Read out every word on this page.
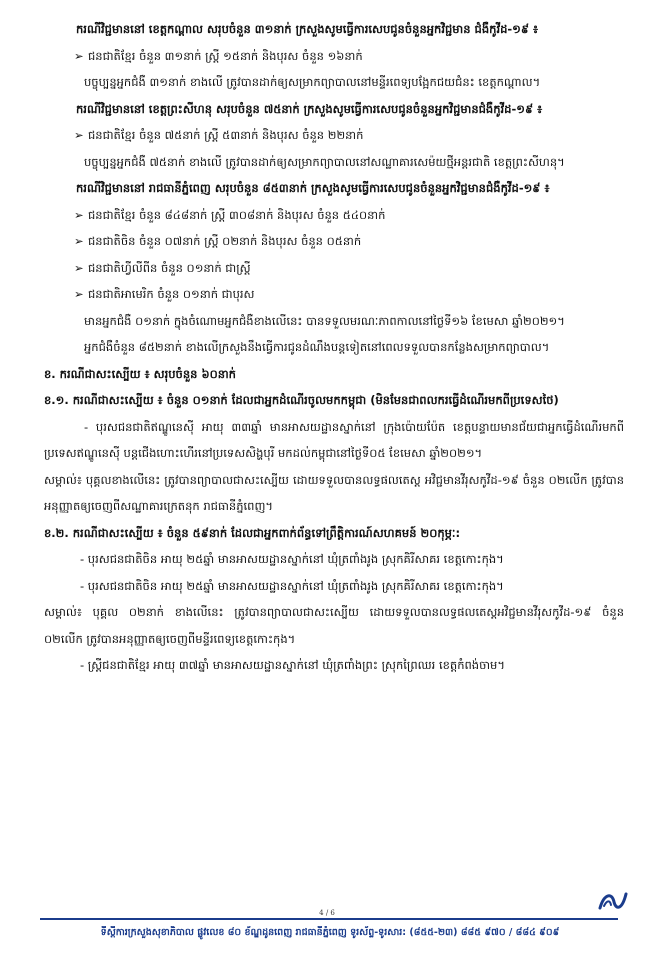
ករណីវិជ្ជមាននៅ ខេត្តកណ្ដាល សរុបចំនួន ៣១នាក់ ក្រសួងសូមធ្វើការសេបជូនចំនួនអ្នកវិជ្ជមាន ជំងឺកូវីដ-១៩ ៖

➢ ជនជាតិខ្មែរ ចំនួន ៣១នាក់ ស្ត្រី ១៥នាក់ និងបុរស ចំនួន ១៦នាក់

បច្ចុប្បន្នអ្នកជំងឺ ៣១នាក់ ខាងលើ ត្រូវបានដាក់ឲ្យសម្រាកព្យាបាលនៅមន្ទីរពេទ្យបង្អែកជយជំនះ ខេត្តកណ្តាល។

ករណីវិជ្ជមាននៅ ខេត្តព្រះសីហនុ សរុបចំនួន ៧៥នាក់ ក្រសួងសូមធ្វើការសេបជូនចំនួនអ្នកវិជ្ជមានជំងឺកូវីដ-១៩ ៖

➢ ជនជាតិខ្មែរ ចំនួន ៧៥នាក់ ស្ត្រី ៥៣នាក់ និងបុរស ចំនួន ២២នាក់

បច្ចុប្បន្នអ្នកជំងឺ ៧៥នាក់ ខាងលើ ត្រូវបានដាក់ឲ្យសម្រាកព្យាបាលនៅសណ្ឋាគារសេម៉យថ្មីអន្តរជាតិ ខេត្តព្រះសីហនុ។

ករណីវិជ្ជមាននៅ រាជធានីភ្នំពេញ សរុបចំនួន ៨៥៣នាក់ ក្រសួងសូមធ្វើការសេបជូនចំនួនអ្នកវិជ្ជមានជំងឺកូវីដ-១៩ ៖

➢ ជនជាតិខ្មែរ ចំនួន ៨៤៨នាក់ ស្ត្រី ៣០៨នាក់ និងបុរស ចំនួន ៥៤០នាក់

➢ ជនជាតិចិន ចំនួន ០៧នាក់ ស្ត្រី ០២នាក់ និងបុរស ចំនួន ០៥នាក់

➢ ជនជាតិហ្វីលីពីន ចំនួន ០១នាក់ ជាស្ត្រី

➢ ជនជាតិអាមេរិក ចំនួន ០១នាក់ ជាបុរស

មានអ្នកជំងឺ ០១នាក់ ក្នុងចំណោមអ្នកជំងឺខាងលើនេះ បានទទួលមរណៈភាពកាលនៅថ្ងៃទី១៦ ខែមេសា ឆ្នាំ២០២១។

អ្នកជំងឺចំនួន ៨៥២នាក់ ខាងលើក្រសួងនឹងធ្វើការជូនដំណឹងបន្តទៀតនៅពេលទទួលបានកន្លែងសម្រាកព្យាបាល។

ខ. ករណីជាសះស្បើយ ៖ សរុបចំនួន ៦០នាក់

ខ.១. ករណីជាសះស្បើយ ៖ ចំនួន ០១នាក់ ដែលជាអ្នកដំណើរចូលមកកម្ពុជា (មិនមែនជាពលករធ្វើដំណើរមកពីប្រទេសថៃ)

- បុរសជនជាតិឥណ្ឌូនេស៊ី អាយុ ៣៣ឆ្នាំ មានអាសយដ្ឋានស្នាក់នៅ ក្រុងប៉ោយប៉ែត ខេត្តបន្ទាយមានជ័យជាអ្នកធ្វើដំណើរមកពីប្រទេសឥណ្ឌូនេស៊ី បន្តជើងហោះហើរនៅប្រទេសសិង្ហបុរី មកដល់កម្ពុជានៅថ្ងៃទី០៥ ខែមេសា ឆ្នាំ២០២១។

សម្គាល់៖ បុគ្គលខាងលើនេះ ត្រូវបានព្យាបាលជាសះស្បើយ ដោយទទួលបានលទ្ធផលតេស្ត អវិជ្ជមានវីរុសកូវីដ-១៩ ចំនួន ០២លើក ត្រូវបានអនុញ្ញាតឲ្យចេញពីសណ្ឋាគារក្រេតនុក រាជធានីភ្នំពេញ។

ខ.២. ករណីជាសះស្បើយ ៖ ចំនួន ៥៩នាក់ ដែលជាអ្នកពាក់ព័ន្ធទៅព្រឹត្តិការណ៍សហគមន៍ ២០កុម្ភៈ:

- បុរសជនជាតិចិន អាយុ ២៥ឆ្នាំ មានអាសយដ្ឋានស្នាក់នៅ ឃុំត្រពាំងរូង ស្រុកគិរីសាគរ ខេត្តកោះកុង។

- បុរសជនជាតិចិន អាយុ ២៥ឆ្នាំ មានអាសយដ្ឋានស្នាក់នៅ ឃុំត្រពាំងរូង ស្រុកគិរីសាគរ ខេត្តកោះកុង។

សម្គាល់៖ បុគ្គល ០២នាក់ ខាងលើនេះ ត្រូវបានព្យាបាលជាសះស្បើយ ដោយទទួលបានលទ្ធផលតេស្តអវិជ្ជមានវីរុសកូវីដ-១៩ ចំនួន ០២លើក ត្រូវបានអនុញ្ញាតឲ្យចេញពីមន្ទីរពេទ្យខេត្តកោះកុង។

- ស្ត្រីជនជាតិខ្មែរ អាយុ ៣៧ឆ្នាំ មានអាសយដ្ឋានស្នាក់នៅ ឃុំត្រពាំងព្រះ ស្រុកព្រៃឈរ ខេត្តកំពង់ចាម។

4 / 6
ទីស្តីការក្រសួងសុខាភិបាល ផ្លូវលេខ ៨០ ខ័ណ្ឌដូនពេញ រាជធានីភ្នំពេញ ទូរស័ព្ទ-ទូរសារ: (៨៥៥-២៣) ៨៨៥ ៩៧០ / ៨៨៤ ៩០៩
